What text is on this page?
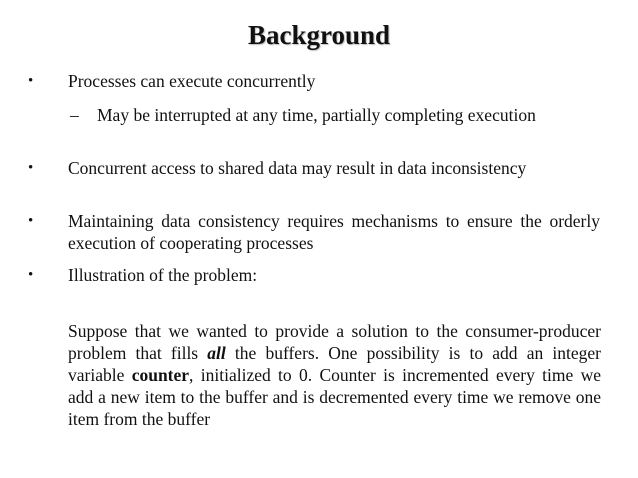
Background
• Processes can execute concurrently
– May be interrupted at any time, partially completing execution
• Concurrent access to shared data may result in data inconsistency
• Maintaining data consistency requires mechanisms to ensure the orderly execution of cooperating processes
• Illustration of the problem:
Suppose that we wanted to provide a solution to the consumer-producer problem that fills all the buffers. One possibility is to add an integer variable counter, initialized to 0. Counter is incremented every time we add a new item to the buffer and is decremented every time we remove one item from the buffer
